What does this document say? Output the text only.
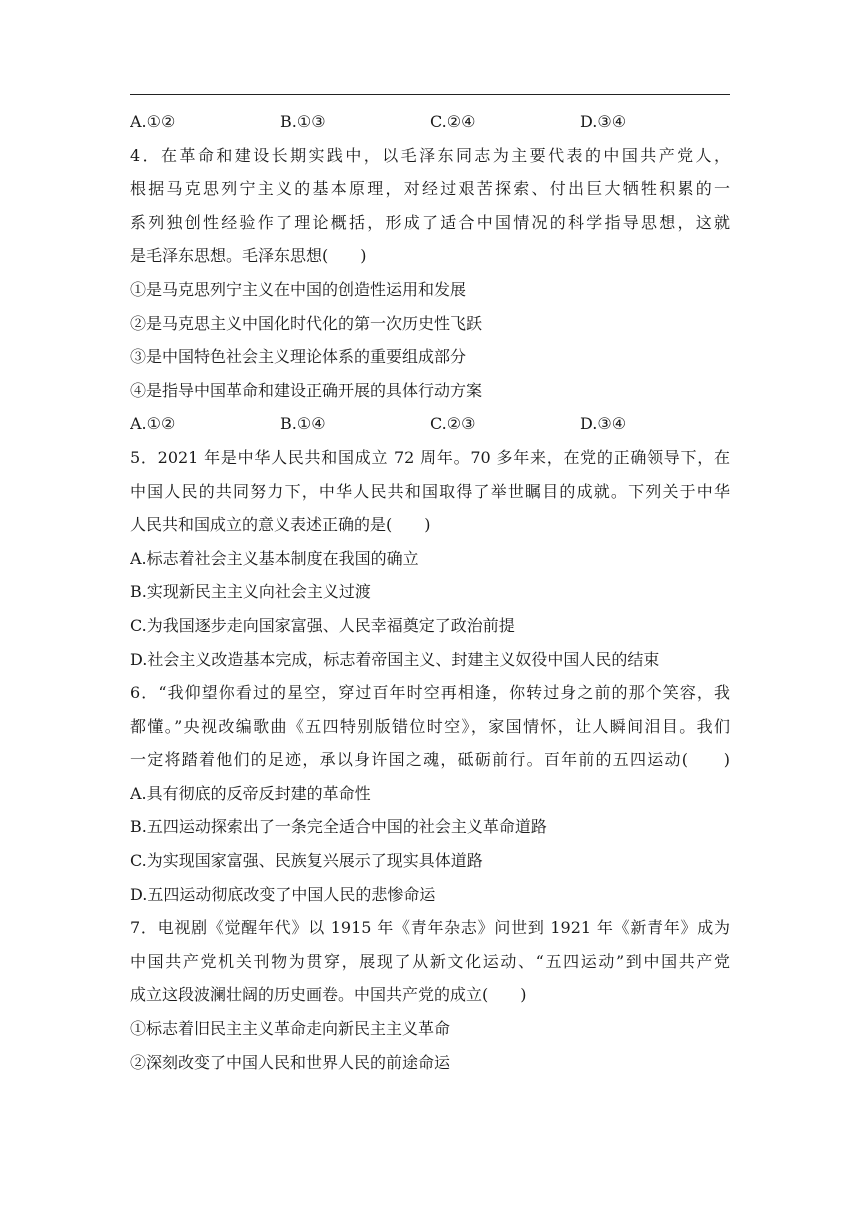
A.①②	B.①③	C.②④	D.③④
4．在革命和建设长期实践中，以毛泽东同志为主要代表的中国共产党人，
根据马克思列宁主义的基本原理，对经过艰苦探索、付出巨大牺牲积累的一
系列独创性经验作了理论概括，形成了适合中国情况的科学指导思想，这就
是毛泽东思想。毛泽东思想(　　)
①是马克思列宁主义在中国的创造性运用和发展
②是马克思主义中国化时代化的第一次历史性飞跃
③是中国特色社会主义理论体系的重要组成部分
④是指导中国革命和建设正确开展的具体行动方案
A.①②	B.①④	C.②③	D.③④
5．2021 年是中华人民共和国成立 72 周年。70 多年来，在党的正确领导下，在
中国人民的共同努力下，中华人民共和国取得了举世瞩目的成就。下列关于中华
人民共和国成立的意义表述正确的是(　　)
A.标志着社会主义基本制度在我国的确立
B.实现新民主主义向社会主义过渡
C.为我国逐步走向国家富强、人民幸福奠定了政治前提
D.社会主义改造基本完成，标志着帝国主义、封建主义奴役中国人民的结束
6．“我仰望你看过的星空，穿过百年时空再相逢，你转过身之前的那个笑容，我
都懂。”央视改编歌曲《五四特别版错位时空》，家国情怀，让人瞬间泪目。我们
一定将踏着他们的足迹，承以身许国之魂，砥砺前行。百年前的五四运动(　　)
A.具有彻底的反帝反封建的革命性
B.五四运动探索出了一条完全适合中国的社会主义革命道路
C.为实现国家富强、民族复兴展示了现实具体道路
D.五四运动彻底改变了中国人民的悲惨命运
7．电视剧《觉醒年代》以 1915 年《青年杂志》问世到 1921 年《新青年》成为
中国共产党机关刊物为贯穿，展现了从新文化运动、“五四运动”到中国共产党
成立这段波澜壮阔的历史画卷。中国共产党的成立(　　)
①标志着旧民主主义革命走向新民主主义革命
②深刻改变了中国人民和世界人民的前途命运
